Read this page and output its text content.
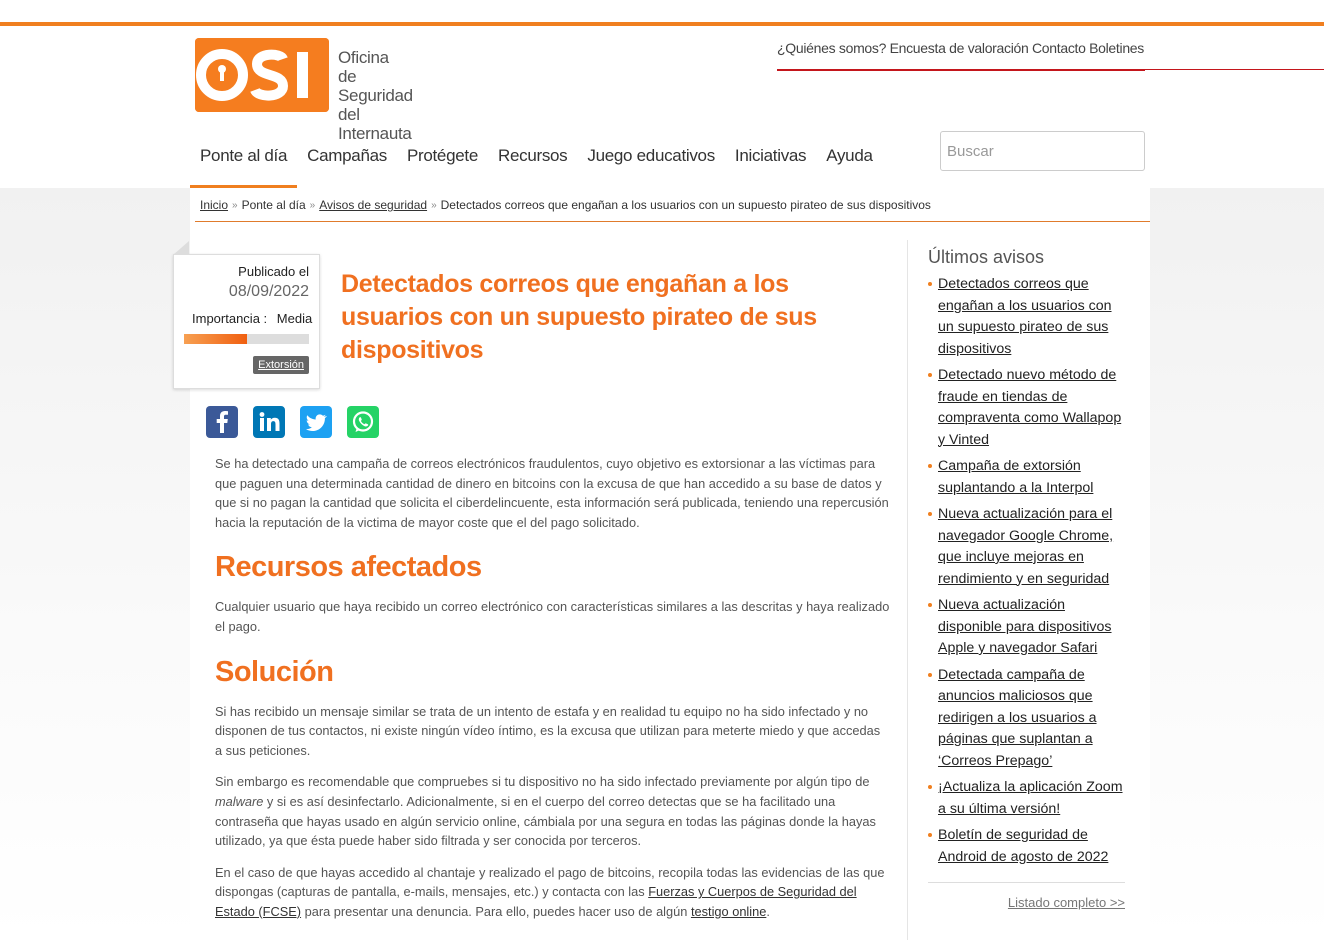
Oficina
de Seguridad
del Internauta
¿Quiénes somos? Encuesta de valoración Contacto Boletines
Ponte al día	Campañas	Protégete	Recursos	Juego educativos	Iniciativas	Ayuda
Buscar
Inicio » Ponte al día » Avisos de seguridad » Detectados correos que engañan a los usuarios con un supuesto pirateo de sus dispositivos
Publicado el
08/09/2022
Importancia : Media
Extorsión
Detectados correos que engañan a los usuarios con un supuesto pirateo de sus dispositivos

Se ha detectado una campaña de correos electrónicos fraudulentos, cuyo objetivo es extorsionar a las víctimas para que paguen una determinada cantidad de dinero en bitcoins con la excusa de que han accedido a su base de datos y que si no pagan la cantidad que solicita el ciberdelincuente, esta información será publicada, teniendo una repercusión hacia la reputación de la victima de mayor coste que el del pago solicitado.

Recursos afectados

Cualquier usuario que haya recibido un correo electrónico con características similares a las descritas y haya realizado el pago.

Solución

Si has recibido un mensaje similar se trata de un intento de estafa y en realidad tu equipo no ha sido infectado y no disponen de tus contactos, ni existe ningún vídeo íntimo, es la excusa que utilizan para meterte miedo y que accedas a sus peticiones.

Sin embargo es recomendable que compruebes si tu dispositivo no ha sido infectado previamente por algún tipo de malware y si es así desinfectarlo. Adicionalmente, si en el cuerpo del correo detectas que se ha facilitado una contraseña que hayas usado en algún servicio online, cámbiala por una segura en todas las páginas donde la hayas utilizado, ya que ésta puede haber sido filtrada y ser conocida por terceros.

En el caso de que hayas accedido al chantaje y realizado el pago de bitcoins, recopila todas las evidencias de las que dispongas (capturas de pantalla, e-mails, mensajes, etc.) y contacta con las Fuerzas y Cuerpos de Seguridad del Estado (FCSE) para presentar una denuncia. Para ello, puedes hacer uso de algún testigo online.

Últimos avisos
Detectados correos que engañan a los usuarios con un supuesto pirateo de sus dispositivos
Detectado nuevo método de fraude en tiendas de compraventa como Wallapop y Vinted
Campaña de extorsión suplantando a la Interpol
Nueva actualización para el navegador Google Chrome, que incluye mejoras en rendimiento y en seguridad
Nueva actualización disponible para dispositivos Apple y navegador Safari
Detectada campaña de anuncios maliciosos que redirigen a los usuarios a páginas que suplantan a ‘Correos Prepago’
¡Actualiza la aplicación Zoom a su última versión!
Boletín de seguridad de Android de agosto de 2022
Listado completo >>
